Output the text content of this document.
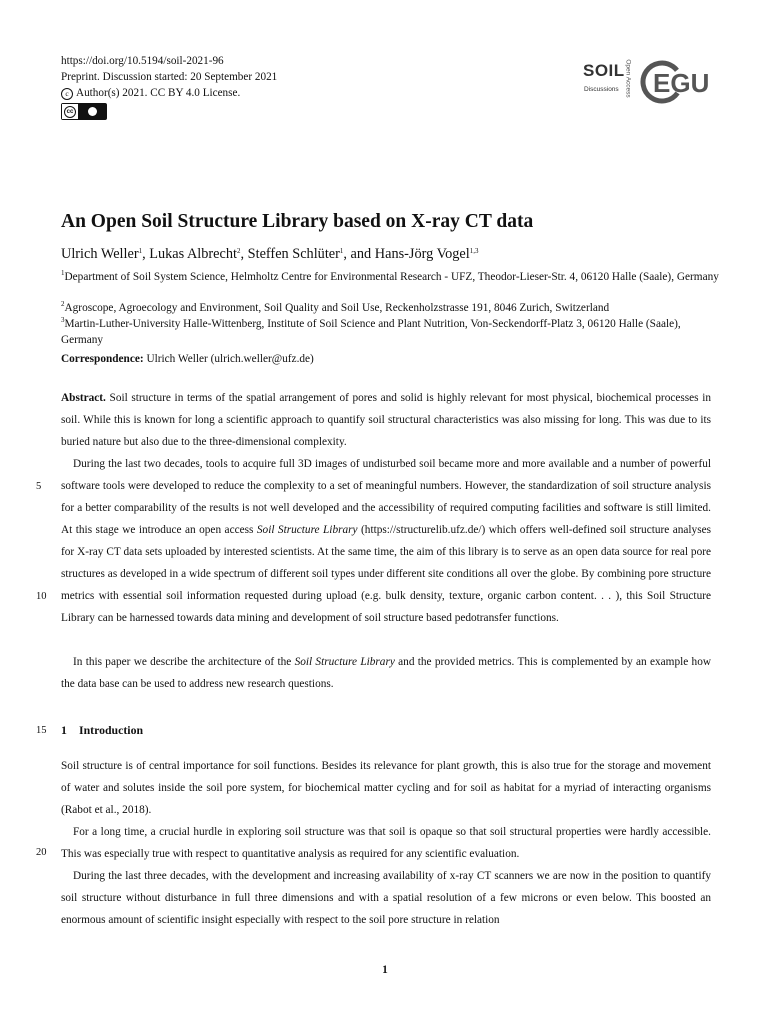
https://doi.org/10.5194/soil-2021-96
Preprint. Discussion started: 20 September 2021
c Author(s) 2021. CC BY 4.0 License.
cc
SOIL
Discussions Open Access EGU
An Open Soil Structure Library based on X-ray CT data
Ulrich Weller$^1$, Lukas Albrecht$^2$, Steffen Schlüter$^1$, and Hans-Jörg Vogel$^{1,3}$
$^1$Department of Soil System Science, Helmholtz Centre for Environmental Research - UFZ, Theodor-Lieser-Str. 4, 06120 Halle (Saale), Germany
$^2$Agroscope, Agroecology and Environment, Soil Quality and Soil Use, Reckenholzstrasse 191, 8046 Zurich, Switzerland
$^3$Martin-Luther-University Halle-Wittenberg, Institute of Soil Science and Plant Nutrition, Von-Seckendorff-Platz 3, 06120 Halle (Saale), Germany
Correspondence: Ulrich Weller (ulrich.weller@ufz.de)
Abstract. Soil structure in terms of the spatial arrangement of pores and solid is highly relevant for most physical, biochemical processes in soil. While this is known for long a scientific approach to quantify soil structural characteristics was also missing for long. This was due to its buried nature but also due to the three-dimensional complexity.
During the last two decades, tools to acquire full 3D images of undisturbed soil became more and more available and a number of powerful software tools were developed to reduce the complexity to a set of meaningful numbers. However, the standardization of soil structure analysis for a better comparability of the results is not well developed and the accessibility of required computing facilities and software is still limited. At this stage we introduce an open access Soil Structure Library (https://structurelib.ufz.de/) which offers well-defined soil structure analyses for X-ray CT data sets uploaded by interested scientists. At the same time, the aim of this library is to serve as an open data source for real pore structures as developed in a wide spectrum of different soil types under different site conditions all over the globe. By combining pore structure metrics with essential soil information requested during upload (e.g. bulk density, texture, organic carbon content. . . ), this Soil Structure Library can be harnessed towards data mining and development of soil structure based pedotransfer functions.
In this paper we describe the architecture of the Soil Structure Library and the provided metrics. This is complemented by an example how the data base can be used to address new research questions.
1 Introduction
Soil structure is of central importance for soil functions. Besides its relevance for plant growth, this is also true for the storage and movement of water and solutes inside the soil pore system, for biochemical matter cycling and for soil as habitat for a myriad of interacting organisms (Rabot et al., 2018).
For a long time, a crucial hurdle in exploring soil structure was that soil is opaque so that soil structural properties were hardly accessible. This was especially true with respect to quantitative analysis as required for any scientific evaluation.
During the last three decades, with the development and increasing availability of x-ray CT scanners we are now in the position to quantify soil structure without disturbance in full three dimensions and with a spatial resolution of a few microns or even below. This boosted an enormous amount of scientific insight especially with respect to the soil pore structure in relation
5
10
15
20
1
